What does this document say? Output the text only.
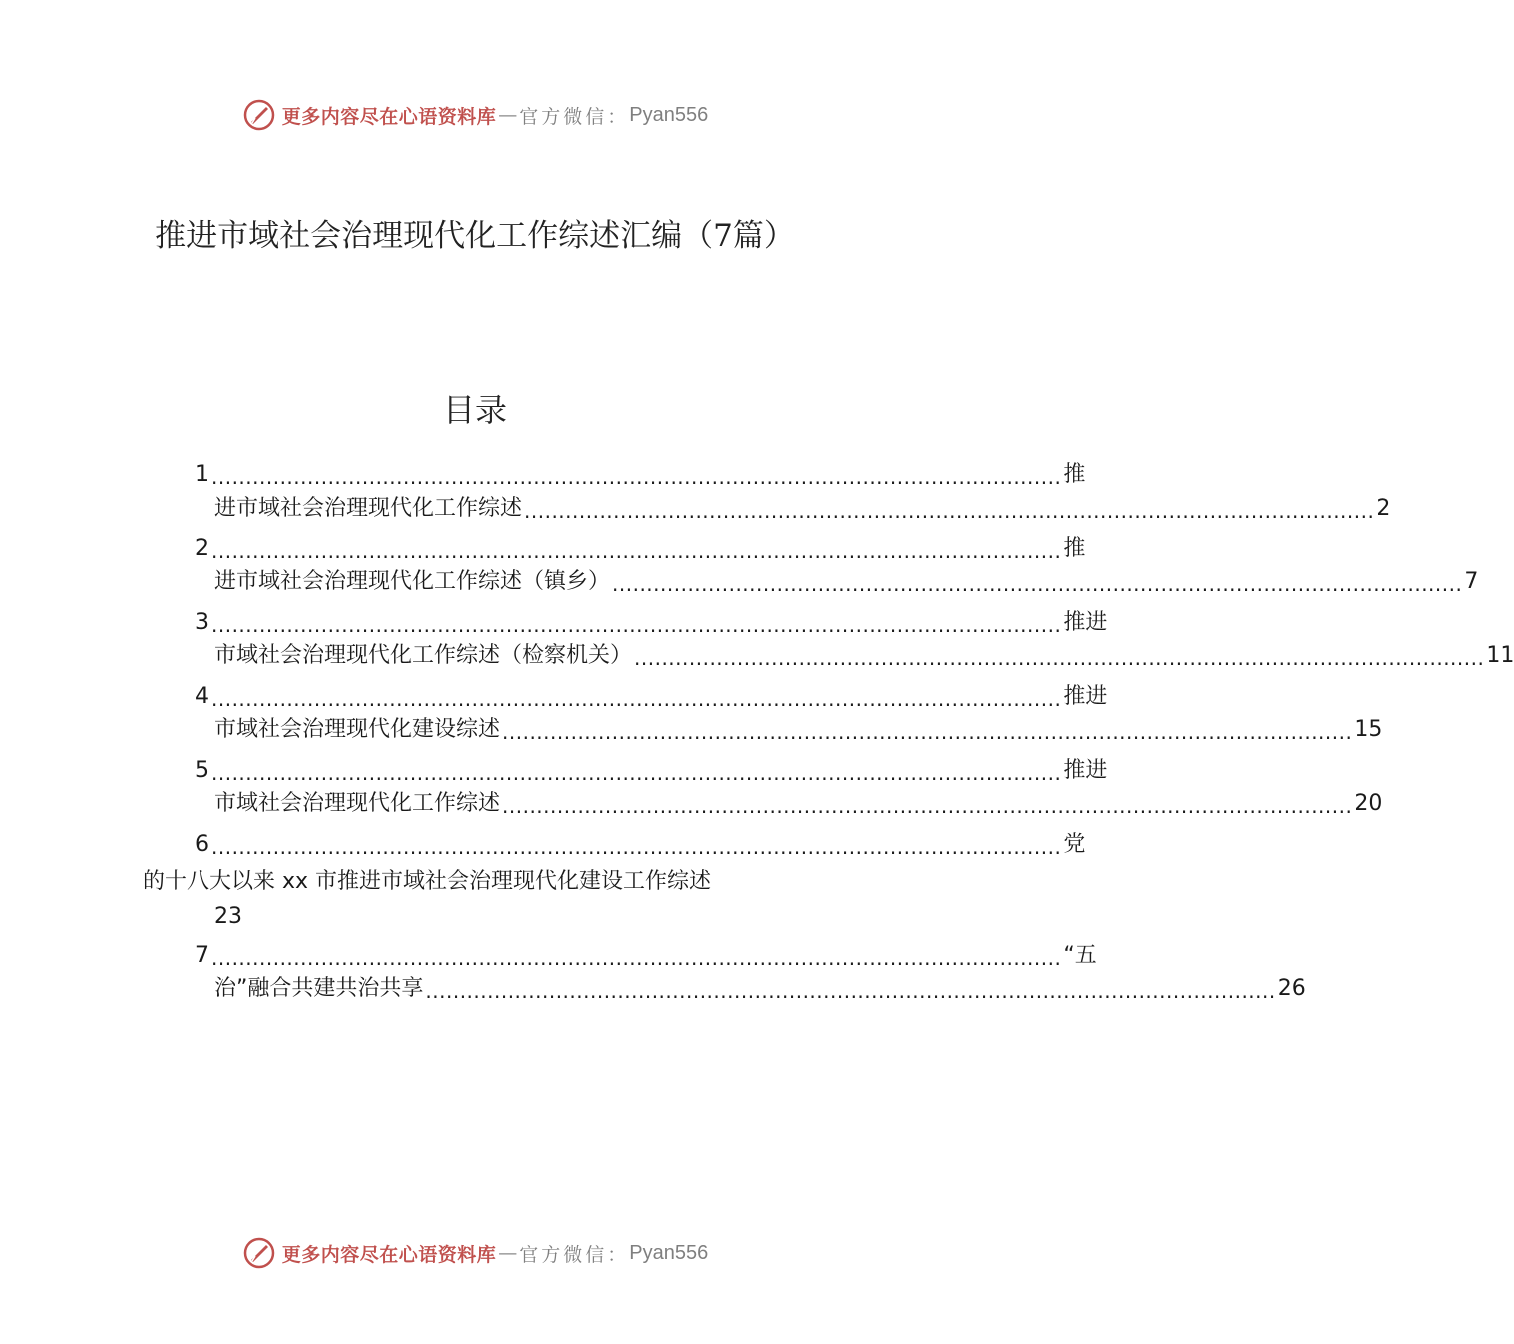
更多内容尽在心语资料库 — 官方微信： Pyan556
推进市域社会治理现代化工作综述汇编（7篇）
目录
1 ............................................................................................................................ 推
进市域社会治理现代化工作综述 ............................................................................................................................ 2
2 ............................................................................................................................ 推
进市域社会治理现代化工作综述（镇乡） ............................................................................................................................ 7
3 ............................................................................................................................ 推进
市域社会治理现代化工作综述（检察机关） ............................................................................................................................ 11
4 ............................................................................................................................ 推进
市域社会治理现代化建设综述 ............................................................................................................................ 15
5 ............................................................................................................................ 推进
市域社会治理现代化工作综述 ............................................................................................................................ 20
6 ............................................................................................................................ 党
的十八大以来 xx 市推进市域社会治理现代化建设工作综述
23
7 ............................................................................................................................ “五
治”融合共建共治共享 ............................................................................................................................ 26
更多内容尽在心语资料库 — 官方微信： Pyan556
